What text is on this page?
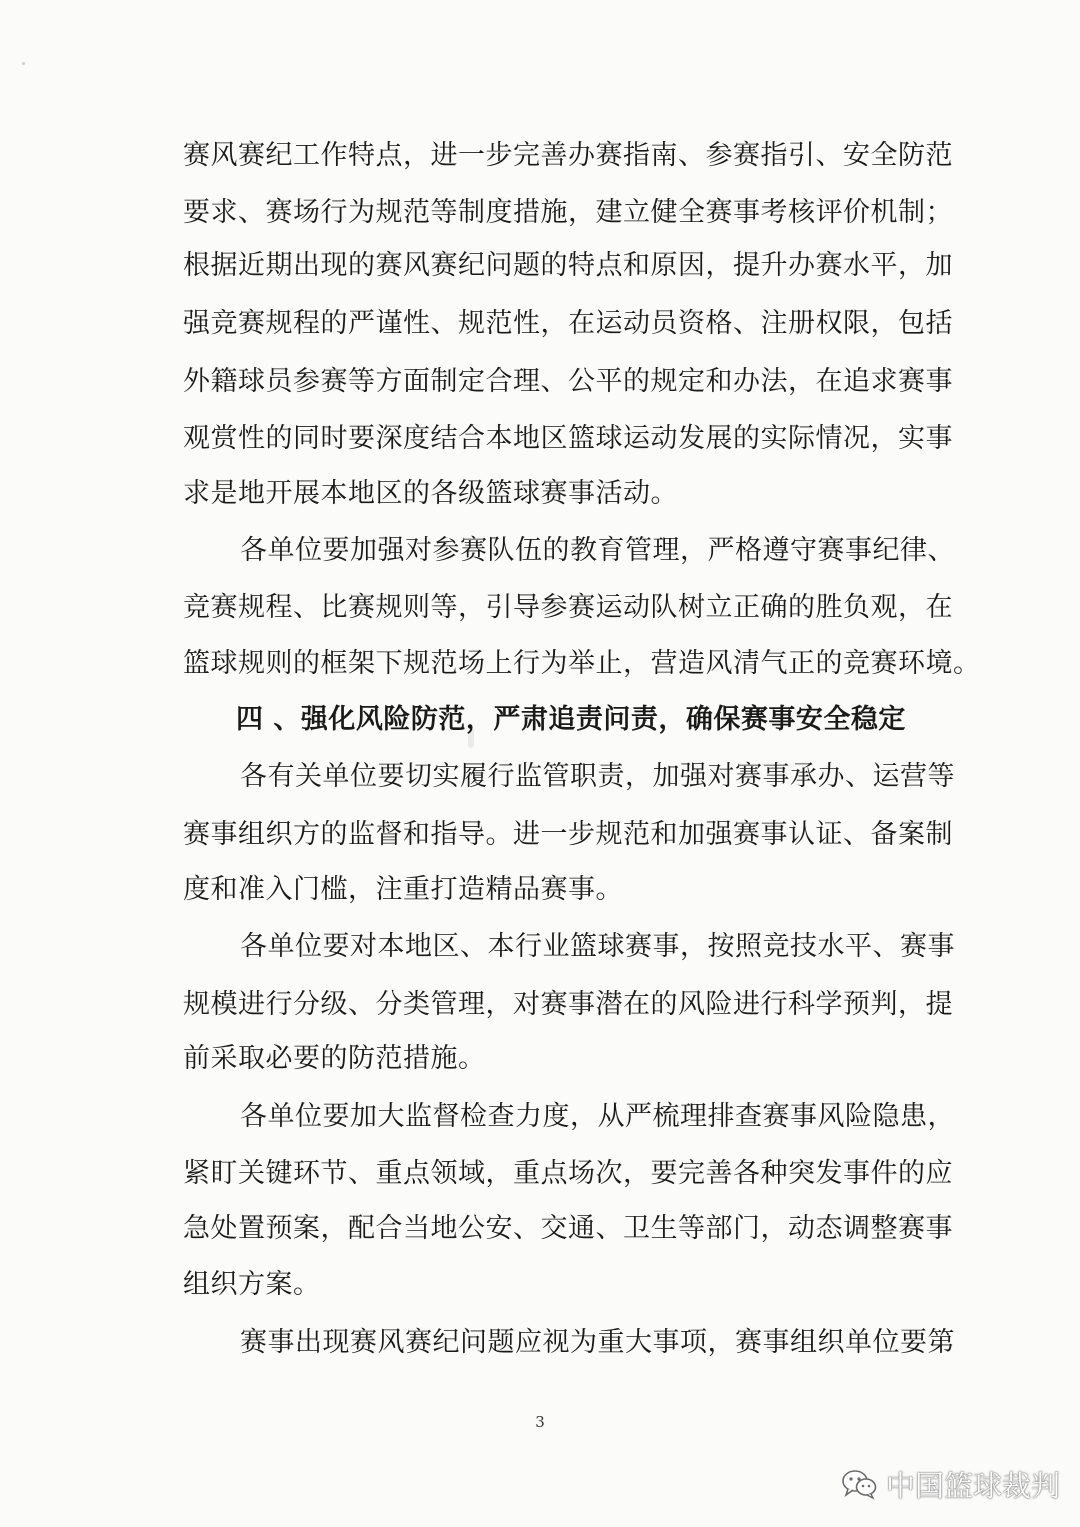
赛风赛纪工作特点，进一步完善办赛指南、参赛指引、安全防范
要求、赛场行为规范等制度措施，建立健全赛事考核评价机制；
根据近期出现的赛风赛纪问题的特点和原因，提升办赛水平，加
强竞赛规程的严谨性、规范性，在运动员资格、注册权限，包括
外籍球员参赛等方面制定合理、公平的规定和办法，在追求赛事
观赏性的同时要深度结合本地区篮球运动发展的实际情况，实事
求是地开展本地区的各级篮球赛事活动。
各单位要加强对参赛队伍的教育管理，严格遵守赛事纪律、
竞赛规程、比赛规则等，引导参赛运动队树立正确的胜负观，在
篮球规则的框架下规范场上行为举止，营造风清气正的竞赛环境。
四 、强化风险防范，严肃追责问责，确保赛事安全稳定
各有关单位要切实履行监管职责，加强对赛事承办、运营等
赛事组织方的监督和指导。进一步规范和加强赛事认证、备案制
度和准入门槛，注重打造精品赛事。
各单位要对本地区、本行业篮球赛事，按照竞技水平、赛事
规模进行分级、分类管理，对赛事潜在的风险进行科学预判，提
前采取必要的防范措施。
各单位要加大监督检查力度，从严梳理排查赛事风险隐患，
紧盯关键环节、重点领域，重点场次，要完善各种突发事件的应
急处置预案，配合当地公安、交通、卫生等部门，动态调整赛事
组织方案。
赛事出现赛风赛纪问题应视为重大事项，赛事组织单位要第
3
中国篮球裁判
